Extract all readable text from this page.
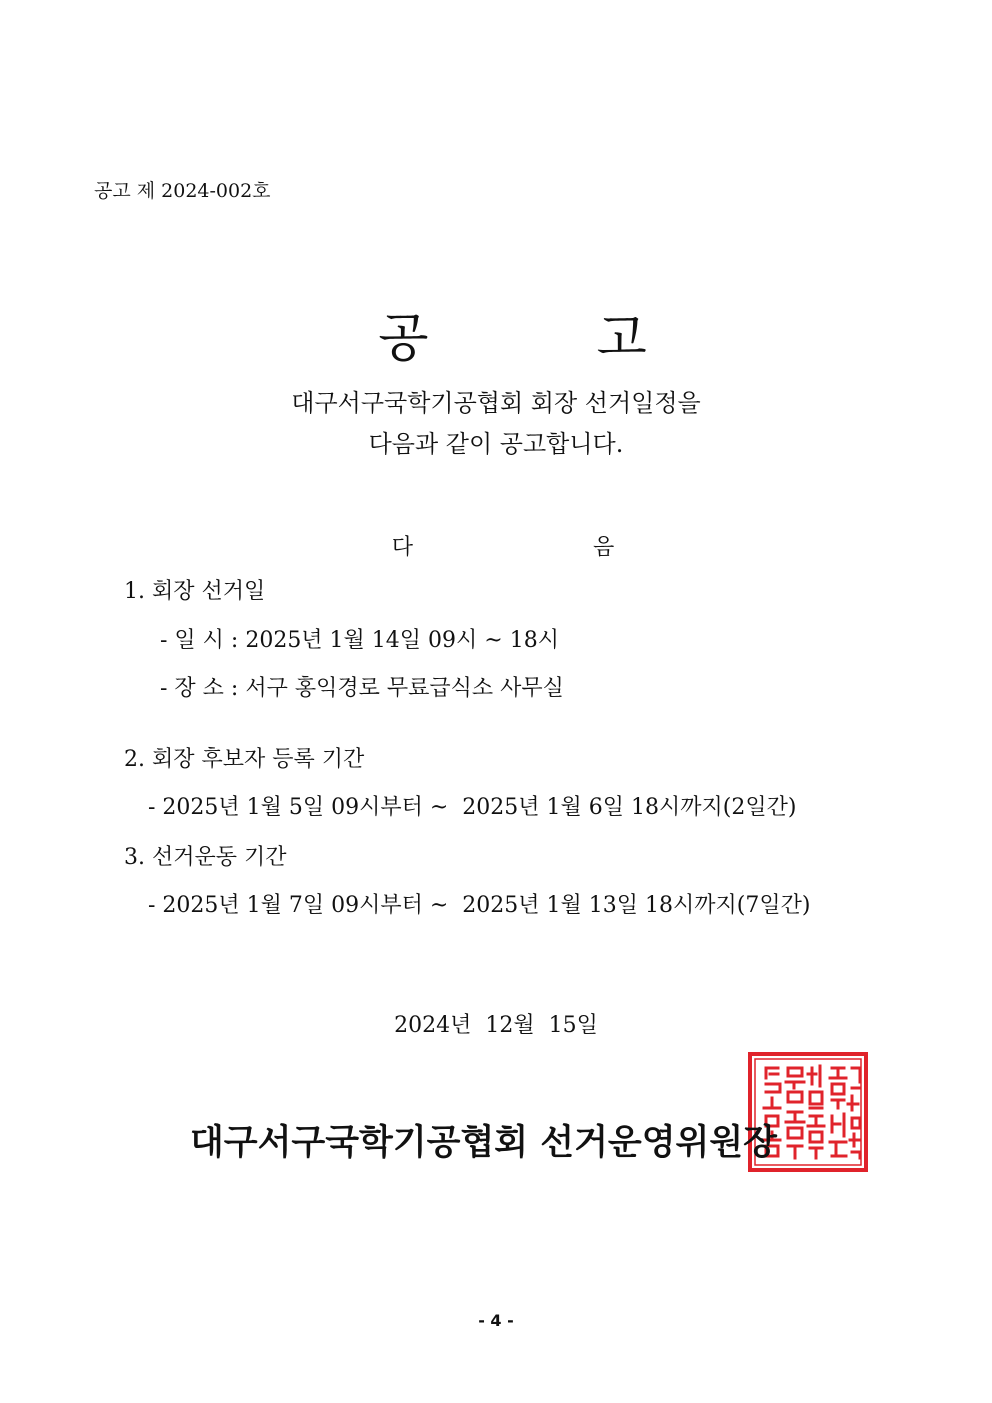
공고 제 2024-002호

공	고

대구서구국학기공협회 회장 선거일정을
다음과 같이 공고합니다.

다	음

1. 회장 선거일
- 일 시 : 2025년 1월 14일 09시 ~ 18시
- 장 소 : 서구 홍익경로 무료급식소 사무실
2. 회장 후보자 등록 기간
- 2025년 1월 5일 09시부터 ~  2025년 1월 6일 18시까지(2일간)
3. 선거운동 기간
- 2025년 1월 7일 09시부터 ~  2025년 1월 13일 18시까지(7일간)
2024년  12월  15일
대구서구국학기공협회 선거운영위원장
- 4 -
